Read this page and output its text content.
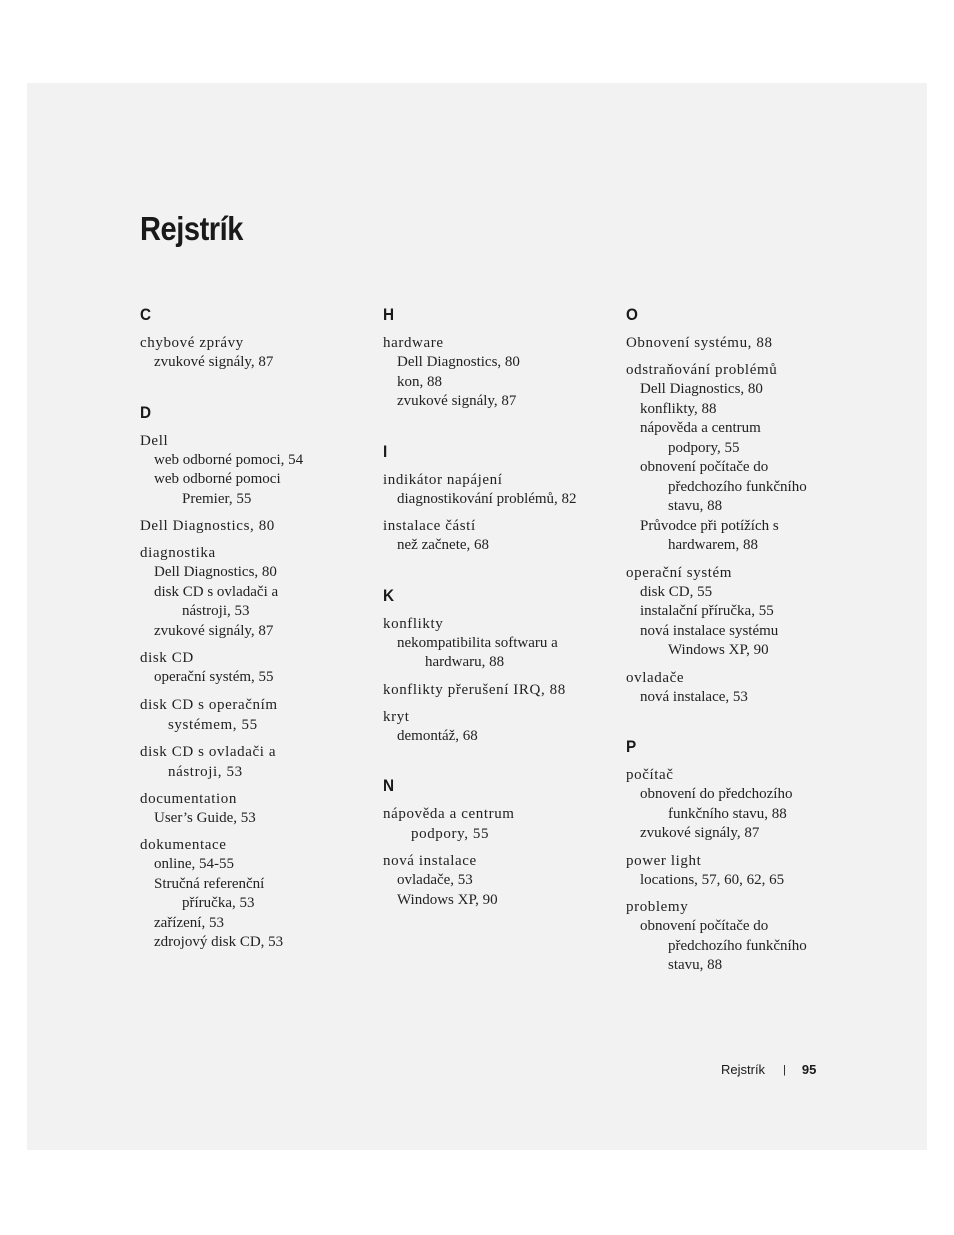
Rejstrík
C
chybové zprávy
zvukové signály, 87
D
Dell
web odborné pomoci, 54
web odborné pomoci
Premier, 55
Dell Diagnostics, 80
diagnostika
Dell Diagnostics, 80
disk CD s ovladači a
nástroji, 53
zvukové signály, 87
disk CD
operační systém, 55
disk CD s operačním
systémem, 55
disk CD s ovladači a
nástroji, 53
documentation
User’s Guide, 53
dokumentace
online, 54-55
Stručná referenční
příručka, 53
zařízení, 53
zdrojový disk CD, 53
H
hardware
Dell Diagnostics, 80
kon, 88
zvukové signály, 87
I
indikátor napájení
diagnostikování problémů, 82
instalace částí
než začnete, 68
K
konflikty
nekompatibilita softwaru a
hardwaru, 88
konflikty přerušení IRQ, 88
kryt
demontáž, 68
N
nápověda a centrum
podpory, 55
nová instalace
ovladače, 53
Windows XP, 90
O
Obnovení systému, 88
odstraňování problémů
Dell Diagnostics, 80
konflikty, 88
nápověda a centrum
podpory, 55
obnovení počítače do
předchozího funkčního
stavu, 88
Průvodce při potížích s
hardwarem, 88
operační systém
disk CD, 55
instalační příručka, 55
nová instalace systému
Windows XP, 90
ovladače
nová instalace, 53
P
počítač
obnovení do předchozího
funkčního stavu, 88
zvukové signály, 87
power light
locations, 57, 60, 62, 65
problemy
obnovení počítače do
předchozího funkčního
stavu, 88
Rejstrík | 95
